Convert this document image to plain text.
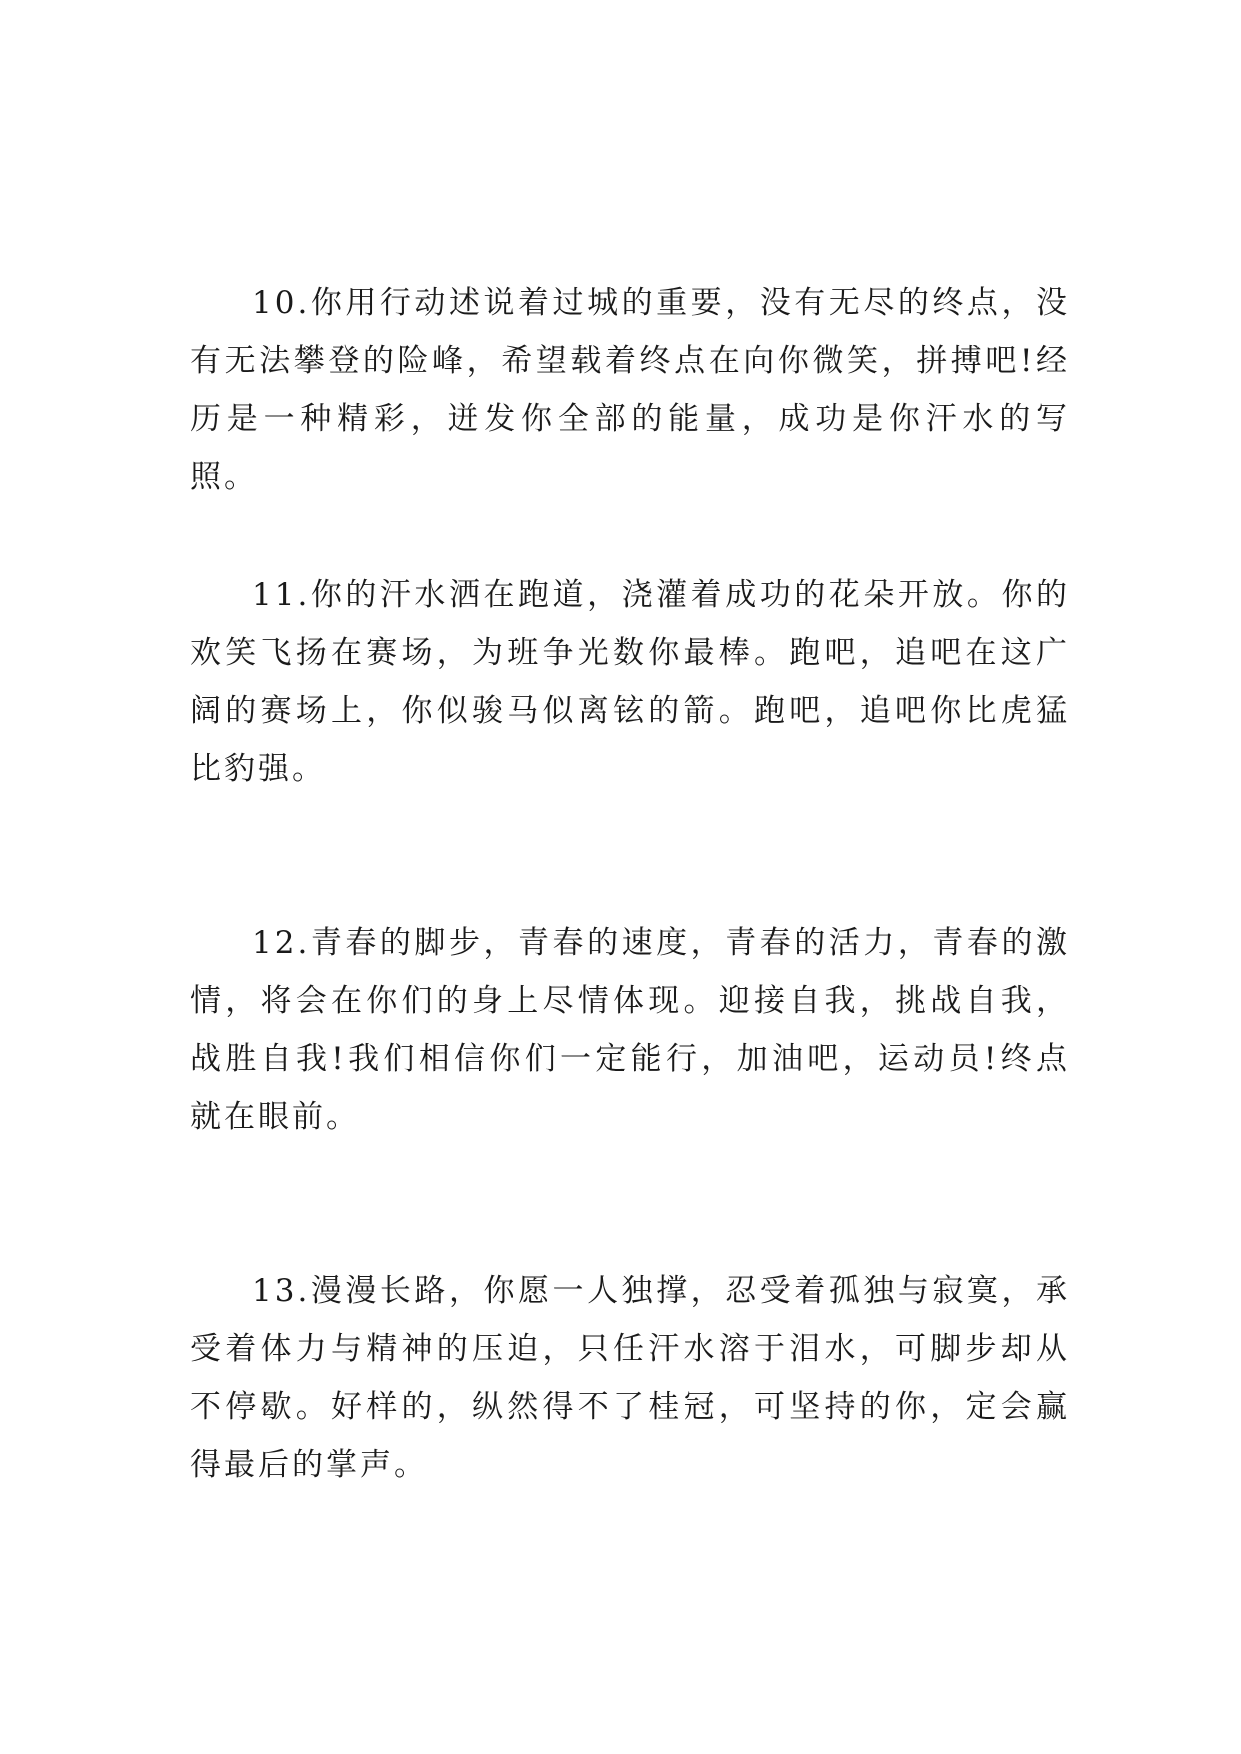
10.你用行动述说着过城的重要，没有无尽的终点，没有无法攀登的险峰，希望载着终点在向你微笑，拼搏吧!经历是一种精彩，迸发你全部的能量，成功是你汗水的写照。

11.你的汗水洒在跑道，浇灌着成功的花朵开放。你的欢笑飞扬在赛场，为班争光数你最棒。跑吧，追吧在这广阔的赛场上，你似骏马似离铉的箭。跑吧，追吧你比虎猛比豹强。

12.青春的脚步，青春的速度，青春的活力，青春的激情，将会在你们的身上尽情体现。迎接自我，挑战自我，战胜自我!我们相信你们一定能行，加油吧，运动员!终点就在眼前。

13.漫漫长路，你愿一人独撑，忍受着孤独与寂寞，承受着体力与精神的压迫，只任汗水溶于泪水，可脚步却从不停歇。好样的，纵然得不了桂冠，可坚持的你，定会赢得最后的掌声。
